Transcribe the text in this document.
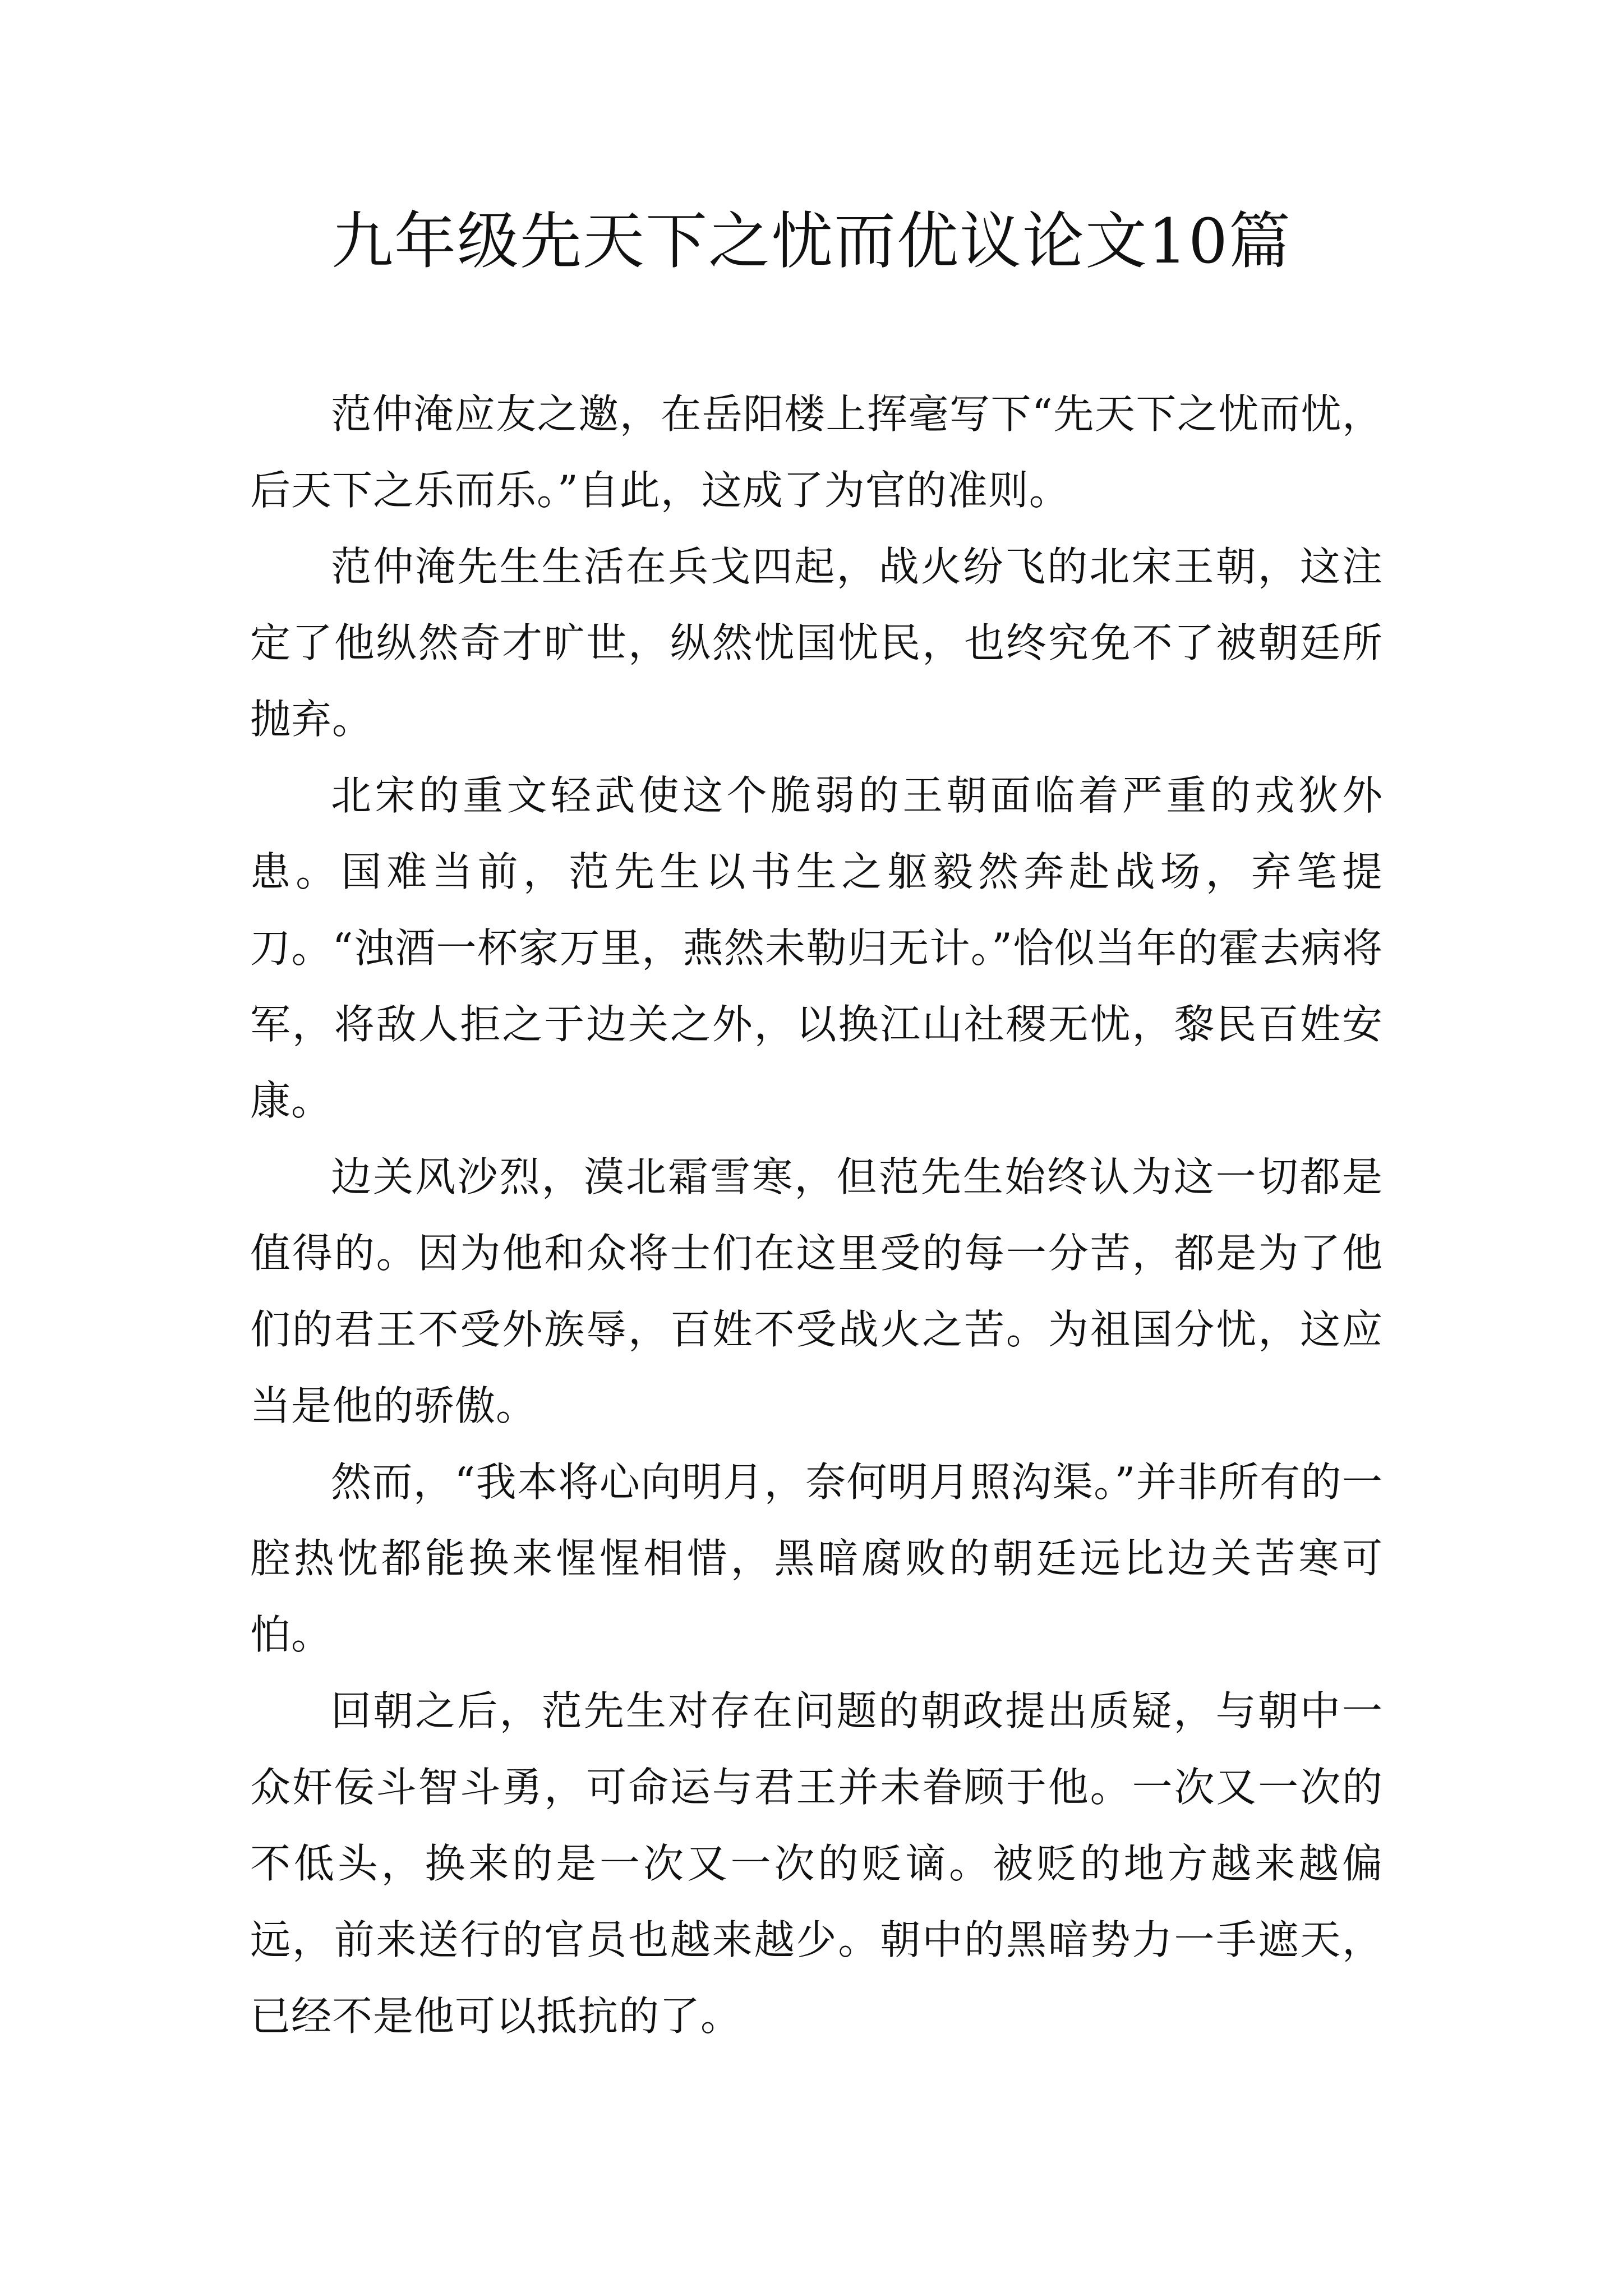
九年级先天下之忧而优议论文10篇

范仲淹应友之邀，在岳阳楼上挥毫写下“先天下之忧而忧，后天下之乐而乐。”自此，这成了为官的准则。

范仲淹先生生活在兵戈四起，战火纷飞的北宋王朝，这注定了他纵然奇才旷世，纵然忧国忧民，也终究免不了被朝廷所抛弃。

北宋的重文轻武使这个脆弱的王朝面临着严重的戎狄外患。国难当前，范先生以书生之躯毅然奔赴战场，弃笔提刀。“浊酒一杯家万里，燕然未勒归无计。”恰似当年的霍去病将军，将敌人拒之于边关之外，以换江山社稷无忧，黎民百姓安康。

边关风沙烈，漠北霜雪寒，但范先生始终认为这一切都是值得的。因为他和众将士们在这里受的每一分苦，都是为了他们的君王不受外族辱，百姓不受战火之苦。为祖国分忧，这应当是他的骄傲。

然而，“我本将心向明月，奈何明月照沟渠。”并非所有的一腔热忱都能换来惺惺相惜，黑暗腐败的朝廷远比边关苦寒可怕。

回朝之后，范先生对存在问题的朝政提出质疑，与朝中一众奸佞斗智斗勇，可命运与君王并未眷顾于他。一次又一次的不低头，换来的是一次又一次的贬谪。被贬的地方越来越偏远，前来送行的官员也越来越少。朝中的黑暗势力一手遮天，已经不是他可以抵抗的了。
